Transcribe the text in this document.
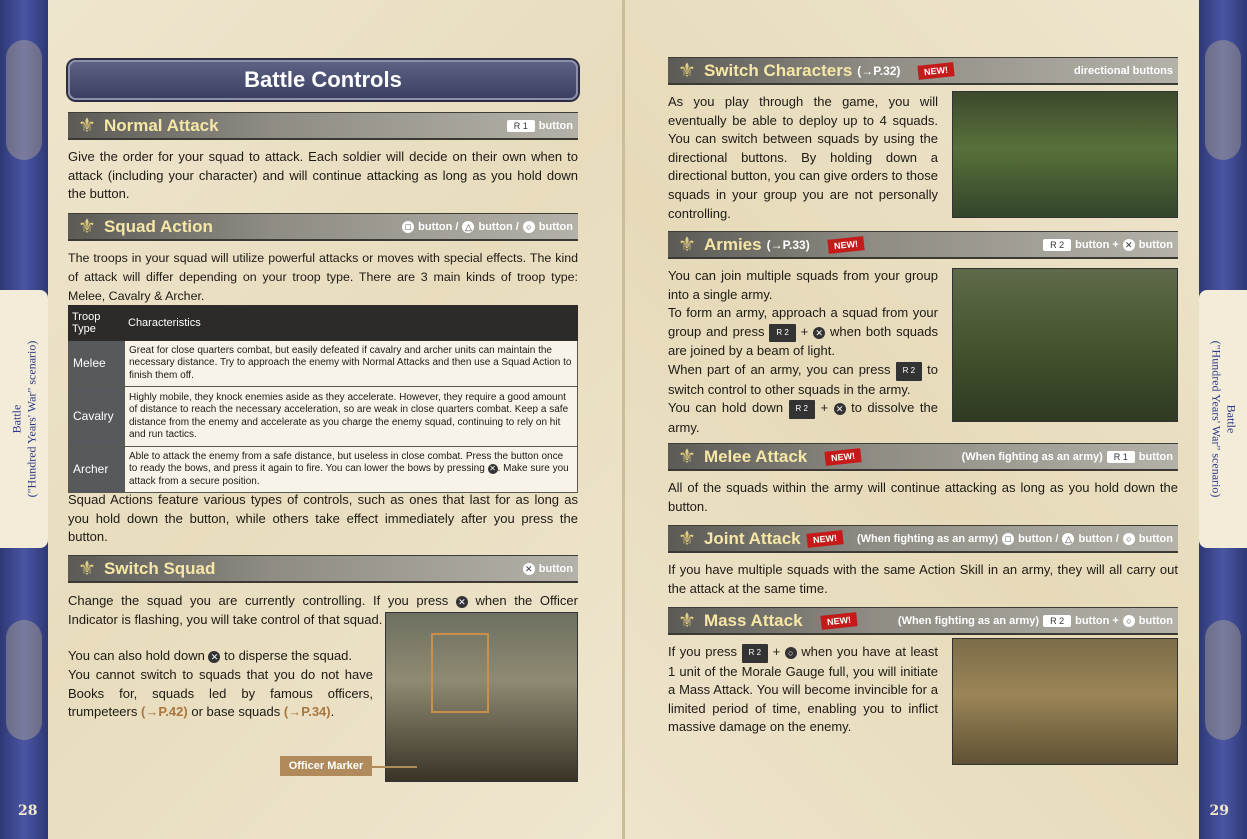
Battle ("Hundred Years' War" scenario)	Battle
("Hundred Years' War" scenario)
28	29
Battle Controls
⚜ Normal Attack	R 1	button
Give the order for your squad to attack. Each soldier will decide on their own when to attack (including your character) and will continue attacking as long as you hold down the button.
⚜ Squad Action	□ button / △ button / ○ button
The troops in your squad will utilize powerful attacks or moves with special effects. The kind of attack will differ depending on your troop type. There are 3 main kinds of troop type: Melee, Cavalry & Archer.
Troop Type	Characteristics
Melee	Great for close quarters combat, but easily defeated if cavalry and archer units can maintain the necessary distance. Try to approach the enemy with Normal Attacks and then use a Squad Action to finish them off.
Cavalry	Highly mobile, they knock enemies aside as they accelerate. However, they require a good amount of distance to reach the necessary acceleration, so are weak in close quarters combat. Keep a safe distance from the enemy and accelerate as you charge the enemy squad, continuing to rely on hit and run tactics.
Archer	Able to attack the enemy from a safe distance, but useless in close combat. Press the button once to ready the bows, and press it again to fire. You can lower the bows by pressing ✕ . Make sure you attack from a secure position.
Squad Actions feature various types of controls, such as ones that last for as long as you hold down the button, while others take effect immediately after you press the button.
⚜ Switch Squad	✕ button
Change the squad you are currently controlling. If you press ✕ when the Officer Indicator is flashing, you will take control of that squad.
You can also hold down ✕ to disperse the squad.
You cannot switch to squads that you do not have Books for, squads led by famous officers, trumpeteers (→P.42) or base squads (→P.34).
Officer Marker
⚜ Switch Characters (→P.32)	NEW!	directional buttons
As you play through the game, you will eventually be able to deploy up to 4 squads. You can switch between squads by using the directional buttons. By holding down a directional button, you can give orders to those squads in your group you are not personally controlling.
⚜ Armies (→P.33)	NEW!	R 2	button + ✕ button
You can join multiple squads from your group into a single army.
To form an army, approach a squad from your group and press R 2 + ✕ when both squads are joined by a beam of light.
When part of an army, you can press R 2 to switch control to other squads in the army.
You can hold down R 2 + ✕ to dissolve the army.
⚜ Melee Attack	NEW!	(When fighting as an army)	R 1	button
All of the squads within the army will continue attacking as long as you hold down the button.
⚜ Joint Attack	NEW!	(When fighting as an army) □ button / △ button / ○ button
If you have multiple squads with the same Action Skill in an army, they will all carry out the attack at the same time.
⚜ Mass Attack	NEW!	(When fighting as an army)	R 2	button + ○ button
If you press R 2 + ○ when you have at least 1 unit of the Morale Gauge full, you will initiate a Mass Attack. You will become invincible for a limited period of time, enabling you to inflict massive damage on the enemy.
